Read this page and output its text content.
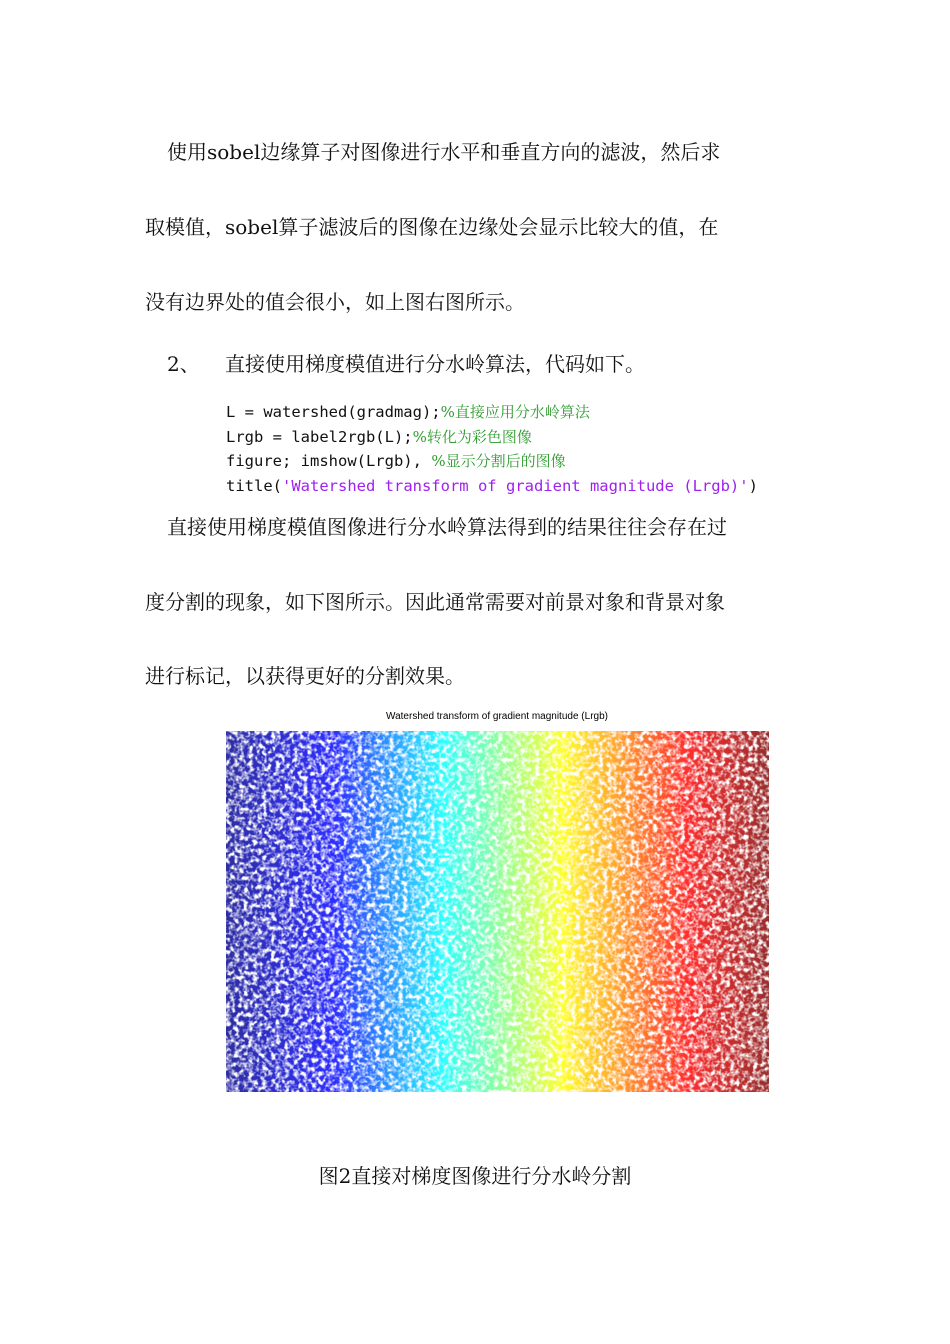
使用sobel边缘算子对图像进行水平和垂直方向的滤波，然后求
取模值，sobel算子滤波后的图像在边缘处会显示比较大的值，在
没有边界处的值会很小，如上图右图所示。
2、 直接使用梯度模值进行分水岭算法，代码如下。
L = watershed(gradmag);%直接应用分水岭算法
Lrgb = label2rgb(L);%转化为彩色图像
figure; imshow(Lrgb), %显示分割后的图像
title('Watershed transform of gradient magnitude (Lrgb)')
直接使用梯度模值图像进行分水岭算法得到的结果往往会存在过
度分割的现象，如下图所示。因此通常需要对前景对象和背景对象
进行标记，以获得更好的分割效果。
Watershed transform of gradient magnitude (Lrgb)
图2直接对梯度图像进行分水岭分割
